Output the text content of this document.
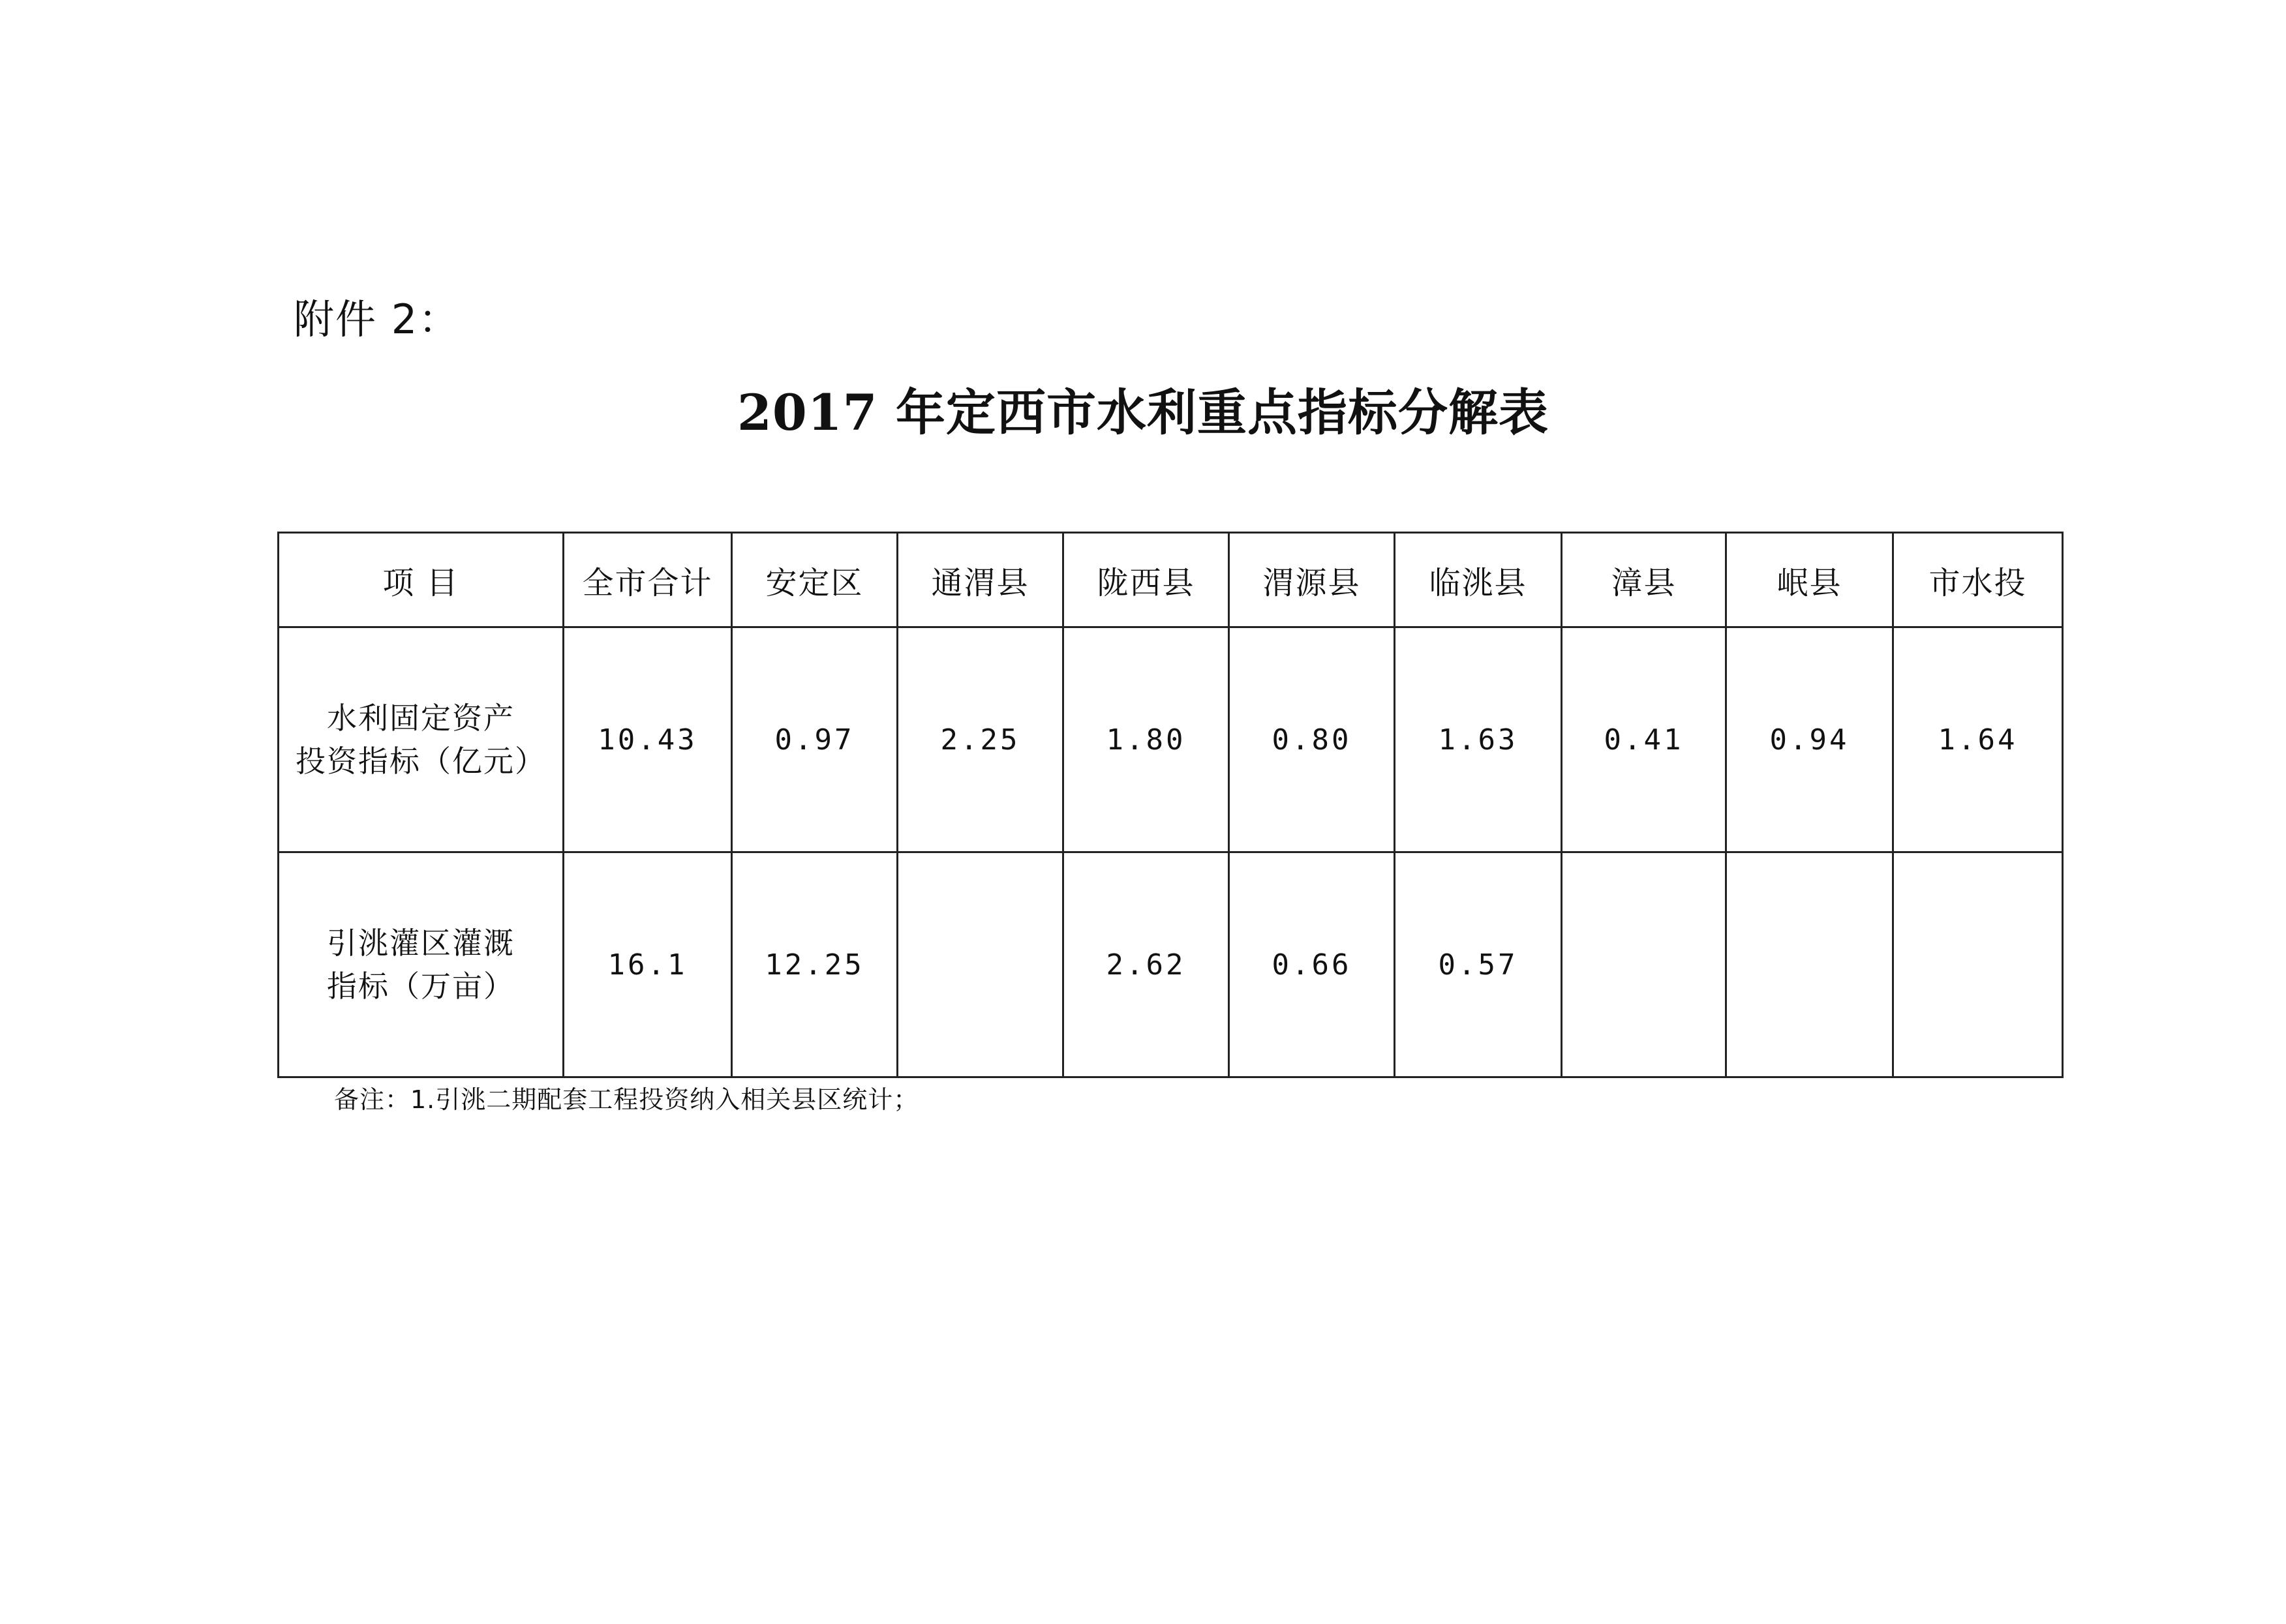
附件 2：
2017 年定西市水利重点指标分解表
项 目	全市合计	安定区	通渭县	陇西县	渭源县	临洮县	漳县	岷县	市水投

水利固定资产
投资指标（亿元）	10.43	0.97	2.25	1.80	0.80	1.63	0.41	0.94	1.64

引洮灌区灌溉
指标（万亩）	16.1	12.25		2.62	0.66	0.57			
备注：1.引洮二期配套工程投资纳入相关县区统计；
